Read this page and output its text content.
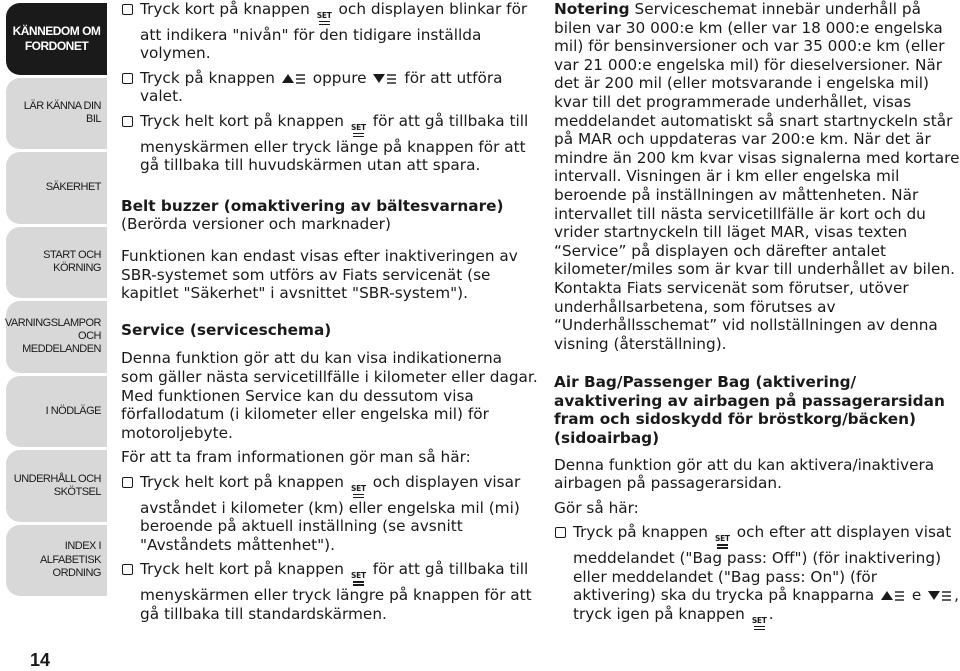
KÄNNEDOM OM FORDONET
LÄR KÄNNA DIN BIL
SÄKERHET
START OCH KÖRNING
VARNINGSLAMPOR OCH MEDDELANDEN
I NÖDLÄGE
UNDERHÅLL OCH SKÖTSEL
INDEX I ALFABETISK ORDNING
14
Tryck kort på knappen SET och displayen blinkar för att indikera "nivån" för den tidigare inställda volymen.
Tryck på knappen oppure för att utföra valet.
Tryck helt kort på knappen SET för att gå tillbaka till menyskärmen eller tryck länge på knappen för att gå tillbaka till huvudskärmen utan att spara.

Belt buzzer (omaktivering av bältesvarnare)

(Berörda versioner och marknader)

Funktionen kan endast visas efter inaktiveringen av SBR-systemet som utförs av Fiats servicenät (se kapitlet "Säkerhet" i avsnittet "SBR-system").

Service (serviceschema)

Denna funktion gör att du kan visa indikationerna som gäller nästa servicetillfälle i kilometer eller dagar. Med funktionen Service kan du dessutom visa förfallodatum (i kilometer eller engelska mil) för motoroljebyte.

För att ta fram informationen gör man så här:

Tryck helt kort på knappen SET och displayen visar avståndet i kilometer (km) eller engelska mil (mi) beroende på aktuell inställning (se avsnitt "Avståndets måttenhet").
Tryck helt kort på knappen SET för att gå tillbaka till menyskärmen eller tryck längre på knappen för att gå tillbaka till standardskärmen.

Notering Serviceschemat innebär underhåll på bilen var 30 000:e km (eller var 18 000:e engelska mil) för bensinversioner och var 35 000:e km (eller var 21 000:e engelska mil) för dieselversioner. När det är 200 mil (eller motsvarande i engelska mil) kvar till det programmerade underhållet, visas meddelandet automatiskt så snart startnyckeln står på MAR och uppdateras var 200:e km. När det är mindre än 200 km kvar visas signalerna med kortare intervall. Visningen är i km eller engelska mil beroende på inställningen av måttenheten. När intervallet till nästa servicetillfälle är kort och du vrider startnyckeln till läget MAR, visas texten “Service” på displayen och därefter antalet kilometer/miles som är kvar till underhållet av bilen. Kontakta Fiats servicenät som förutser, utöver underhållsarbetena, som förutses av “Underhållsschemat” vid nollställningen av denna visning (återställning).

Air Bag/Passenger Bag (aktivering/ avaktivering av airbagen på passagerarsidan fram och sidoskydd för bröstkorg/bäcken) (sidoairbag)

Denna funktion gör att du kan aktivera/inaktivera airbagen på passagerarsidan.

Gör så här:

Tryck på knappen SET och efter att displayen visat meddelandet ("Bag pass: Off") (för inaktivering) eller meddelandet ("Bag pass: On") (för aktivering) ska du trycka på knapparna e , tryck igen på knappen SET .
